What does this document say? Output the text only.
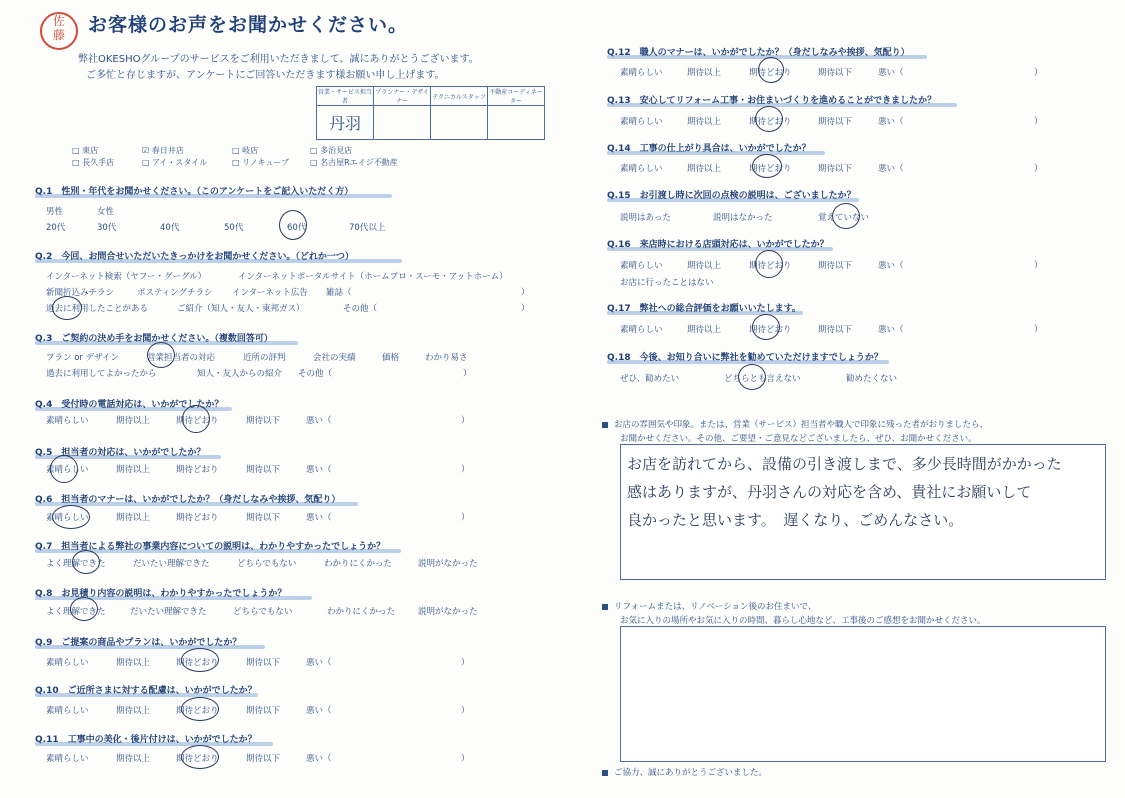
佐
藤	お客様のお声をお聞かせください。
弊社OKESHOグループのサービスをご利用いただきまして、誠にありがとうございます。
ご多忙と存じますが、アンケートにご回答いただきます様お願い申し上げます。
営業・サービス担当者	プランナー・デザイナー	テクニカルスタッフ	不動産コーディネーター
丹羽			
□ 東店	☑ 春日井店	□ 岐店	□ 多治見店
□ 長久手店	□ アイ・スタイル	□ リノキューブ	□ 名古屋Rエイジ不動産
Q.1　性別・年代をお聞かせください。（このアンケートをご記入いただく方）
男性	女性
20代	30代	40代	50代	60代	70代以上
Q.2　今回、お問合せいただいたきっかけをお聞かせください。（どれか一つ）
インターネット検索（ヤフー・グーグル）	インターネットポータルサイト（ホームプロ・スーモ・アットホーム）
新聞折込みチラシ	ポスティングチラシ インターネット広告 雑誌（	）
過去に利用したことがある	ご紹介（知人・友人・東邦ガス）	その他（	）
Q.3　ご契約の決め手をお聞かせください。（複数回答可）
プラン or デザイン	営業担当者の対応	近所の評判	会社の実績	価格	わかり易さ
過去に利用してよかったから	知人・友人からの紹介 その他（	）
Q.4　受付時の電話対応は、いかがでしたか？
素晴らしい	期待以上	期待どおり	期待以下	悪い（	）
Q.5　担当者の対応は、いかがでしたか？
素晴らしい	期待以上	期待どおり	期待以下	悪い（	）
Q.6　担当者のマナーは、いかがでしたか？（身だしなみや挨拶、気配り）
素晴らしい	期待以上	期待どおり	期待以下	悪い（	）
Q.7　担当者による弊社の事業内容についての説明は、わかりやすかったでしょうか？
よく理解できた	だいたい理解できた	どちらでもない	わかりにくかった	説明がなかった
Q.8　お見積り内容の説明は、わかりやすかったでしょうか？
よく理解できた	だいたい理解できた	どちらでもない	わかりにくかった	説明がなかった
Q.9　ご提案の商品やプランは、いかがでしたか？
素晴らしい	期待以上	期待どおり	期待以下	悪い（	）
Q.10　ご近所さまに対する配慮は、いかがでしたか？
素晴らしい	期待以上	期待どおり	期待以下	悪い（	）
Q.11　工事中の美化・後片付けは、いかがでしたか？
素晴らしい	期待以上	期待どおり	期待以下	悪い（	）
Q.12　職人のマナーは、いかがでしたか？（身だしなみや挨拶、気配り）
素晴らしい	期待以上	期待どおり	期待以下	悪い（	）
Q.13　安心してリフォーム工事・お住まいづくりを進めることができましたか？
素晴らしい	期待以上	期待どおり	期待以下	悪い（	）
Q.14　工事の仕上がり具合は、いかがでしたか？
素晴らしい	期待以上	期待どおり	期待以下	悪い（	）
Q.15　お引渡し時に次回の点検の説明は、ございましたか？
説明はあった	説明はなかった	覚えていない
Q.16　来店時における店頭対応は、いかがでしたか？
素晴らしい	期待以上	期待どおり	期待以下	悪い（	）
お店に行ったことはない
Q.17　弊社への総合評価をお願いいたします。
素晴らしい	期待以上	期待どおり	期待以下	悪い（	）
Q.18　今後、お知り合いに弊社を勧めていただけますでしょうか？
ぜひ、勧めたい	どちらとも言えない	勧めたくない
お店の雰囲気や印象。または、営業（サービス）担当者や職人で印象に残った者がおりましたら、
お聞かせください。その他、ご要望・ご意見などございましたら、ぜひ、お聞かせください。
お店を訪れてから、設備の引き渡しまで、多少長時間がかかった
感はありますが、丹羽さんの対応を含め、貴社にお願いして
良かったと思います。　遅くなり、ごめんなさい。
リフォームまたは、リノベーション後のお住まいで、
お気に入りの場所やお気に入りの時間、暮らし心地など、工事後のご感想をお聞かせください。
ご協力、誠にありがとうございました。
